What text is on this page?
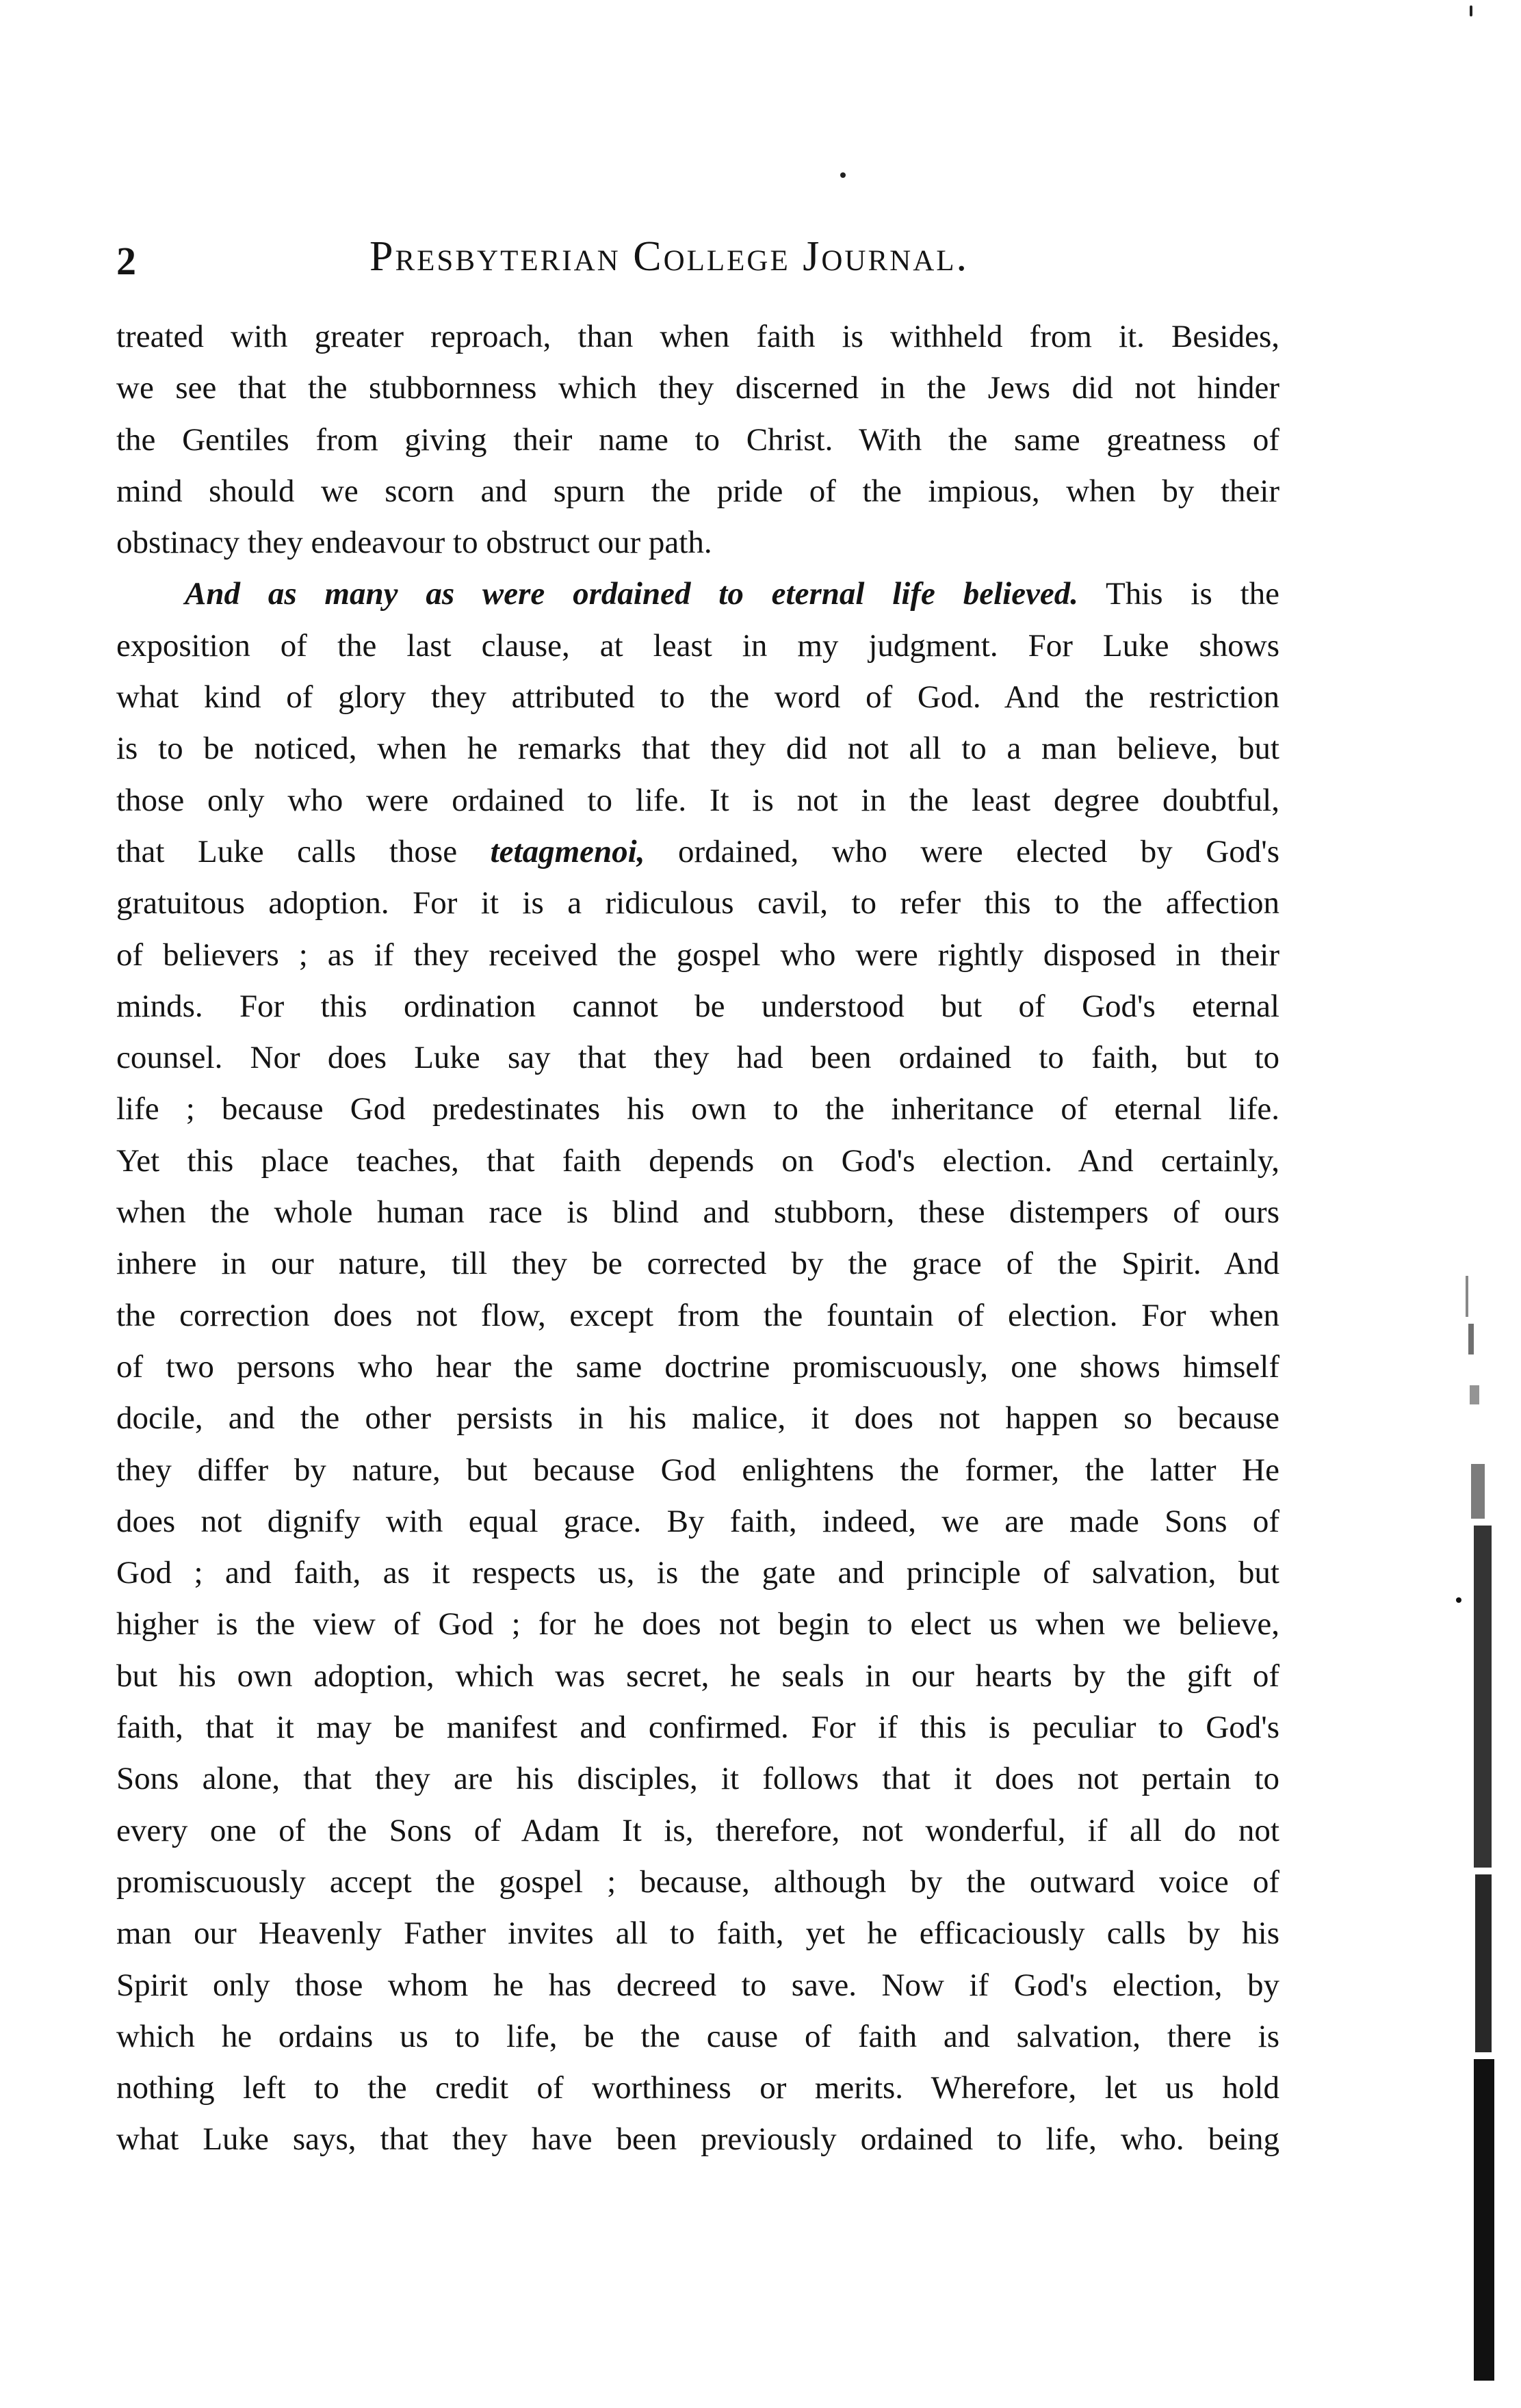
2	Presbyterian College Journal.
treated with greater reproach, than when faith is withheld from it. Besides,
we see that the stubbornness which they discerned in the Jews did not hinder
the Gentiles from giving their name to Christ. With the same greatness of
mind should we scorn and spurn the pride of the impious, when by their
obstinacy they endeavour to obstruct our path.
And as many as were ordained to eternal life believed. This is the
exposition of the last clause, at least in my judgment. For Luke shows
what kind of glory they attributed to the word of God. And the restriction
is to be noticed, when he remarks that they did not all to a man believe, but
those only who were ordained to life. It is not in the least degree doubtful,
that Luke calls those tetagmenoi, ordained, who were elected by God's
gratuitous adoption. For it is a ridiculous cavil, to refer this to the affection
of believers ; as if they received the gospel who were rightly disposed in their
minds. For this ordination cannot be understood but of God's eternal
counsel. Nor does Luke say that they had been ordained to faith, but to
life ; because God predestinates his own to the inheritance of eternal life.
Yet this place teaches, that faith depends on God's election. And certainly,
when the whole human race is blind and stubborn, these distempers of ours
inhere in our nature, till they be corrected by the grace of the Spirit. And
the correction does not flow, except from the fountain of election. For when
of two persons who hear the same doctrine promiscuously, one shows himself
docile, and the other persists in his malice, it does not happen so because
they differ by nature, but because God enlightens the former, the latter He
does not dignify with equal grace. By faith, indeed, we are made Sons of
God ; and faith, as it respects us, is the gate and principle of salvation, but
higher is the view of God ; for he does not begin to elect us when we believe,
but his own adoption, which was secret, he seals in our hearts by the gift of
faith, that it may be manifest and confirmed. For if this is peculiar to God's
Sons alone, that they are his disciples, it follows that it does not pertain to
every one of the Sons of Adam It is, therefore, not wonderful, if all do not
promiscuously accept the gospel ; because, although by the outward voice of
man our Heavenly Father invites all to faith, yet he efficaciously calls by his
Spirit only those whom he has decreed to save. Now if God's election, by
which he ordains us to life, be the cause of faith and salvation, there is
nothing left to the credit of worthiness or merits. Wherefore, let us hold
what Luke says, that they have been previously ordained to life, who. being
